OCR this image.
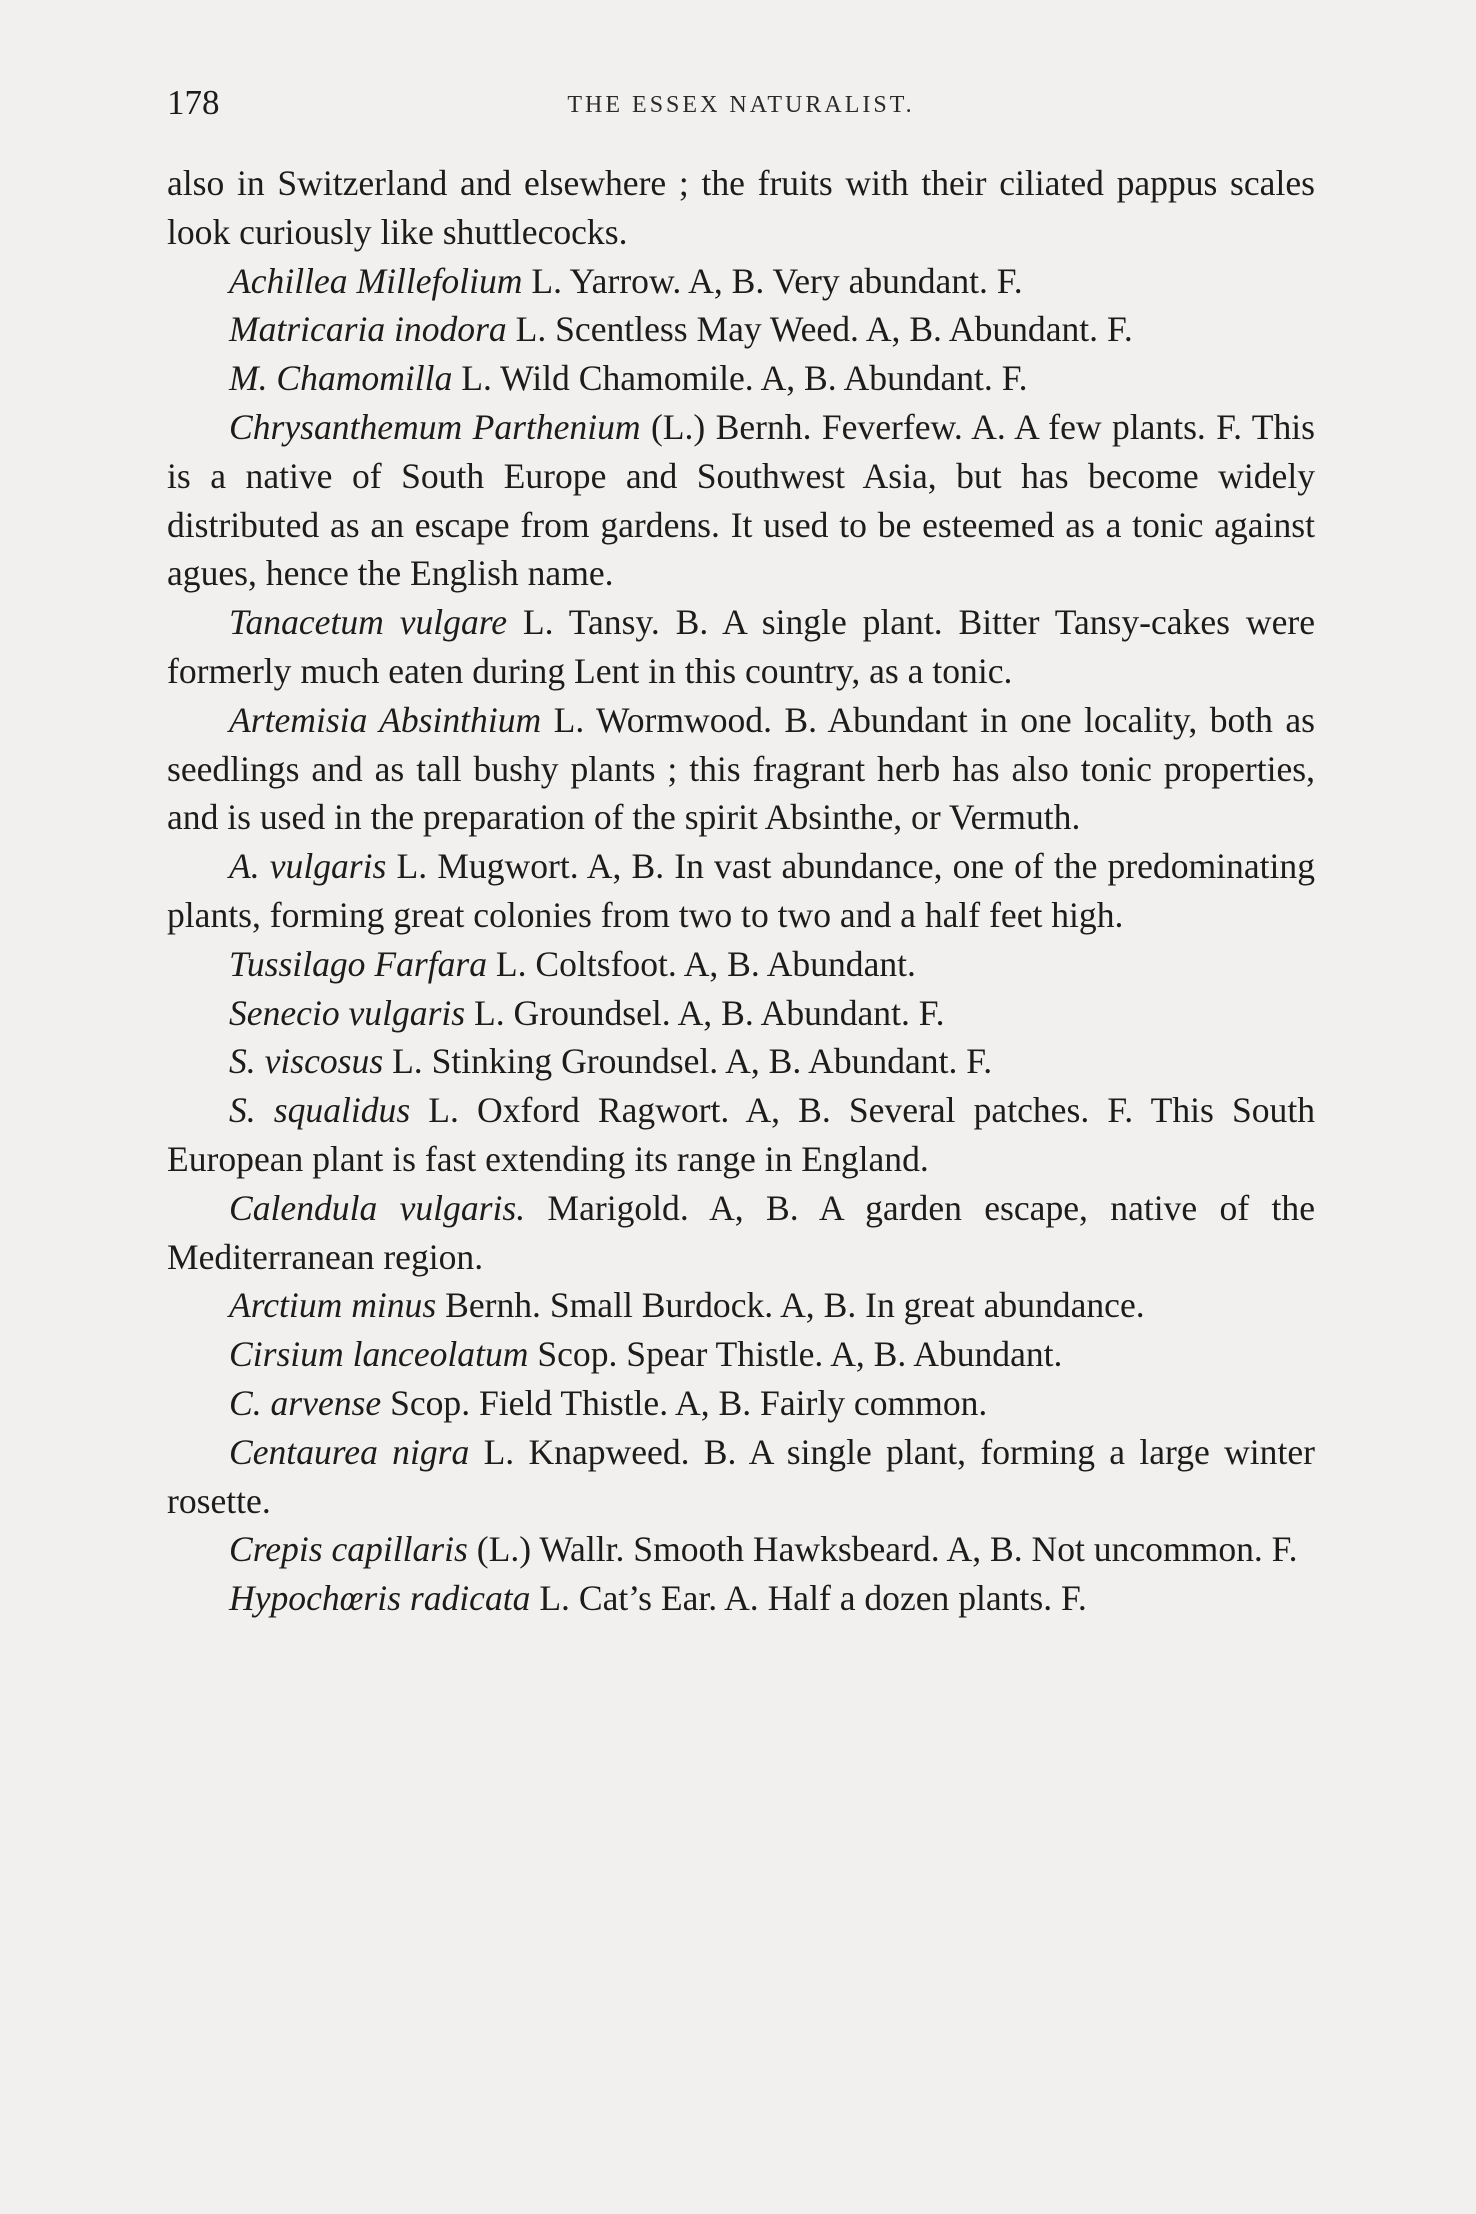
178	THE ESSEX NATURALIST.

also in Switzerland and elsewhere ; the fruits with their ciliated pappus scales look curiously like shuttlecocks.

Achillea Millefolium L. Yarrow. A, B. Very abundant. F.

Matricaria inodora L. Scentless May Weed. A, B. Abundant. F.

M. Chamomilla L. Wild Chamomile. A, B. Abundant. F.

Chrysanthemum Parthenium (L.) Bernh. Feverfew. A. A few plants. F. This is a native of South Europe and Southwest Asia, but has become widely distributed as an escape from gardens. It used to be esteemed as a tonic against agues, hence the English name.

Tanacetum vulgare L. Tansy. B. A single plant. Bitter Tansy-cakes were formerly much eaten during Lent in this country, as a tonic.

Artemisia Absinthium L. Wormwood. B. Abundant in one locality, both as seedlings and as tall bushy plants ; this fragrant herb has also tonic properties, and is used in the preparation of the spirit Absinthe, or Vermuth.

A. vulgaris L. Mugwort. A, B. In vast abundance, one of the predominating plants, forming great colonies from two to two and a half feet high.

Tussilago Farfara L. Coltsfoot. A, B. Abundant.

Senecio vulgaris L. Groundsel. A, B. Abundant. F.

S. viscosus L. Stinking Groundsel. A, B. Abundant. F.

S. squalidus L. Oxford Ragwort. A, B. Several patches. F. This South European plant is fast extending its range in England.

Calendula vulgaris. Marigold. A, B. A garden escape, native of the Mediterranean region.

Arctium minus Bernh. Small Burdock. A, B. In great abundance.

Cirsium lanceolatum Scop. Spear Thistle. A, B. Abundant.

C. arvense Scop. Field Thistle. A, B. Fairly common.

Centaurea nigra L. Knapweed. B. A single plant, forming a large winter rosette.

Crepis capillaris (L.) Wallr. Smooth Hawksbeard. A, B. Not uncommon. F.

Hypochœris radicata L. Cat’s Ear. A. Half a dozen plants. F.
